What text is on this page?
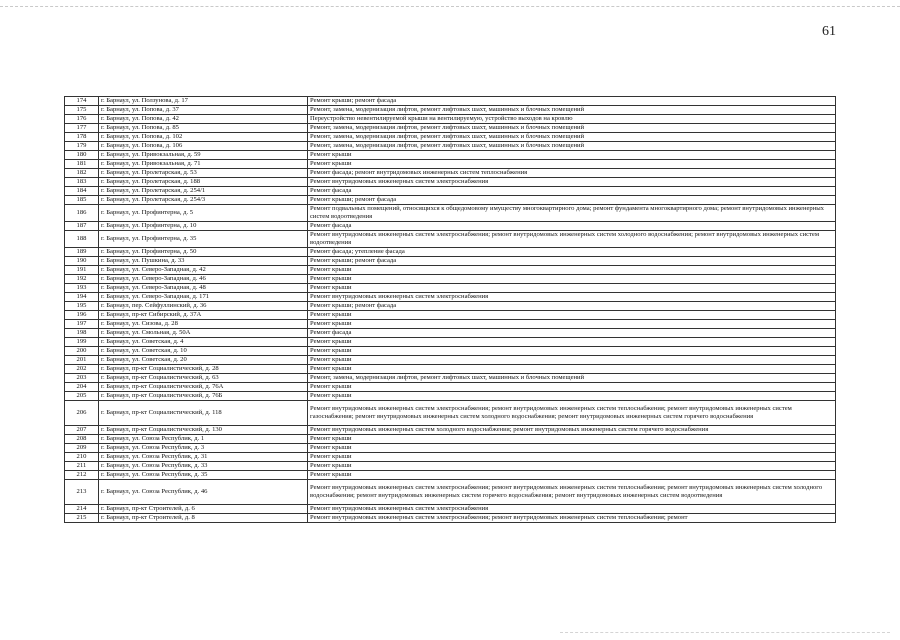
61
174	г. Барнаул, ул. Ползунова, д. 17	Ремонт крыши; ремонт фасада
175	г. Барнаул, ул. Попова, д. 37	Ремонт, замена, модернизация лифтов, ремонт лифтовых шахт, машинных и блочных помещений
176	г. Барнаул, ул. Попова, д. 42	Переустройство невентилируемой крыши на вентилируемую, устройство выходов на кровлю
177	г. Барнаул, ул. Попова, д. 85	Ремонт, замена, модернизация лифтов, ремонт лифтовых шахт, машинных и блочных помещений
178	г. Барнаул, ул. Попова, д. 102	Ремонт, замена, модернизация лифтов, ремонт лифтовых шахт, машинных и блочных помещений
179	г. Барнаул, ул. Попова, д. 106	Ремонт, замена, модернизация лифтов, ремонт лифтовых шахт, машинных и блочных помещений
180	г. Барнаул, ул. Привокзальная, д. 59	Ремонт крыши
181	г. Барнаул, ул. Привокзальная, д. 71	Ремонт крыши
182	г. Барнаул, ул. Пролетарская, д. 53	Ремонт фасада; ремонт внутридомовых инженерных систем теплоснабжения
183	г. Барнаул, ул. Пролетарская, д. 188	Ремонт внутридомовых инженерных систем электроснабжения
184	г. Барнаул, ул. Пролетарская, д. 254/1	Ремонт фасада
185	г. Барнаул, ул. Пролетарская, д. 254/3	Ремонт крыши; ремонт фасада
186	г. Барнаул, ул. Профинтерна, д. 5	Ремонт подвальных помещений, относящихся к общедомовому имуществу многоквартирного дома; ремонт фундамента многоквартирного дома; ремонт внутридомовых инженерных систем водоотведения
187	г. Барнаул, ул. Профинтерна, д. 10	Ремонт фасада
188	г. Барнаул, ул. Профинтерна, д. 35	Ремонт внутридомовых инженерных систем электроснабжения; ремонт внутридомовых инженерных систем холодного водоснабжения; ремонт внутридомовых инженерных систем водоотведения
189	г. Барнаул, ул. Профинтерна, д. 50	Ремонт фасада; утепление фасада
190	г. Барнаул, ул. Пушкина, д. 33	Ремонт крыши; ремонт фасада
191	г. Барнаул, ул. Северо-Западная, д. 42	Ремонт крыши
192	г. Барнаул, ул. Северо-Западная, д. 46	Ремонт крыши
193	г. Барнаул, ул. Северо-Западная, д. 48	Ремонт крыши
194	г. Барнаул, ул. Северо-Западная, д. 171	Ремонт внутридомовых инженерных систем электроснабжения
195	г. Барнаул, пер. Сейфуллинский, д. 36	Ремонт крыши; ремонт фасада
196	г. Барнаул, пр-кт Сибирский, д. 37А	Ремонт крыши
197	г. Барнаул, ул. Сизова, д. 28	Ремонт крыши
198	г. Барнаул, ул. Смольная, д. 50А	Ремонт фасада
199	г. Барнаул, ул. Советская, д. 4	Ремонт крыши
200	г. Барнаул, ул. Советская, д. 10	Ремонт крыши
201	г. Барнаул, ул. Советская, д. 20	Ремонт крыши
202	г. Барнаул, пр-кт Социалистический, д. 28	Ремонт крыши
203	г. Барнаул, пр-кт Социалистический, д. 63	Ремонт, замена, модернизация лифтов, ремонт лифтовых шахт, машинных и блочных помещений
204	г. Барнаул, пр-кт Социалистический, д. 76А	Ремонт крыши
205	г. Барнаул, пр-кт Социалистический, д. 76Б	Ремонт крыши
206	г. Барнаул, пр-кт Социалистический, д. 118	Ремонт внутридомовых инженерных систем электроснабжения; ремонт внутридомовых инженерных систем теплоснабжения; ремонт внутридомовых инженерных систем газоснабжения; ремонт внутридомовых инженерных систем холодного водоснабжения; ремонт внутридомовых инженерных систем горячего водоснабжения
207	г. Барнаул, пр-кт Социалистический, д. 130	Ремонт внутридомовых инженерных систем холодного водоснабжения; ремонт внутридомовых инженерных систем горячего водоснабжения
208	г. Барнаул, ул. Союза Республик, д. 1	Ремонт крыши
209	г. Барнаул, ул. Союза Республик, д. 3	Ремонт крыши
210	г. Барнаул, ул. Союза Республик, д. 31	Ремонт крыши
211	г. Барнаул, ул. Союза Республик, д. 33	Ремонт крыши
212	г. Барнаул, ул. Союза Республик, д. 35	Ремонт крыши
213	г. Барнаул, ул. Союза Республик, д. 46	Ремонт внутридомовых инженерных систем электроснабжения; ремонт внутридомовых инженерных систем теплоснабжения; ремонт внутридомовых инженерных систем холодного водоснабжения; ремонт внутридомовых инженерных систем горячего водоснабжения; ремонт внутридомовых инженерных систем водоотведения
214	г. Барнаул, пр-кт Строителей, д. 6	Ремонт внутридомовых инженерных систем электроснабжения
215	г. Барнаул, пр-кт Строителей, д. 8	Ремонт внутридомовых инженерных систем электроснабжения; ремонт внутридомовых инженерных систем теплоснабжения; ремонт
